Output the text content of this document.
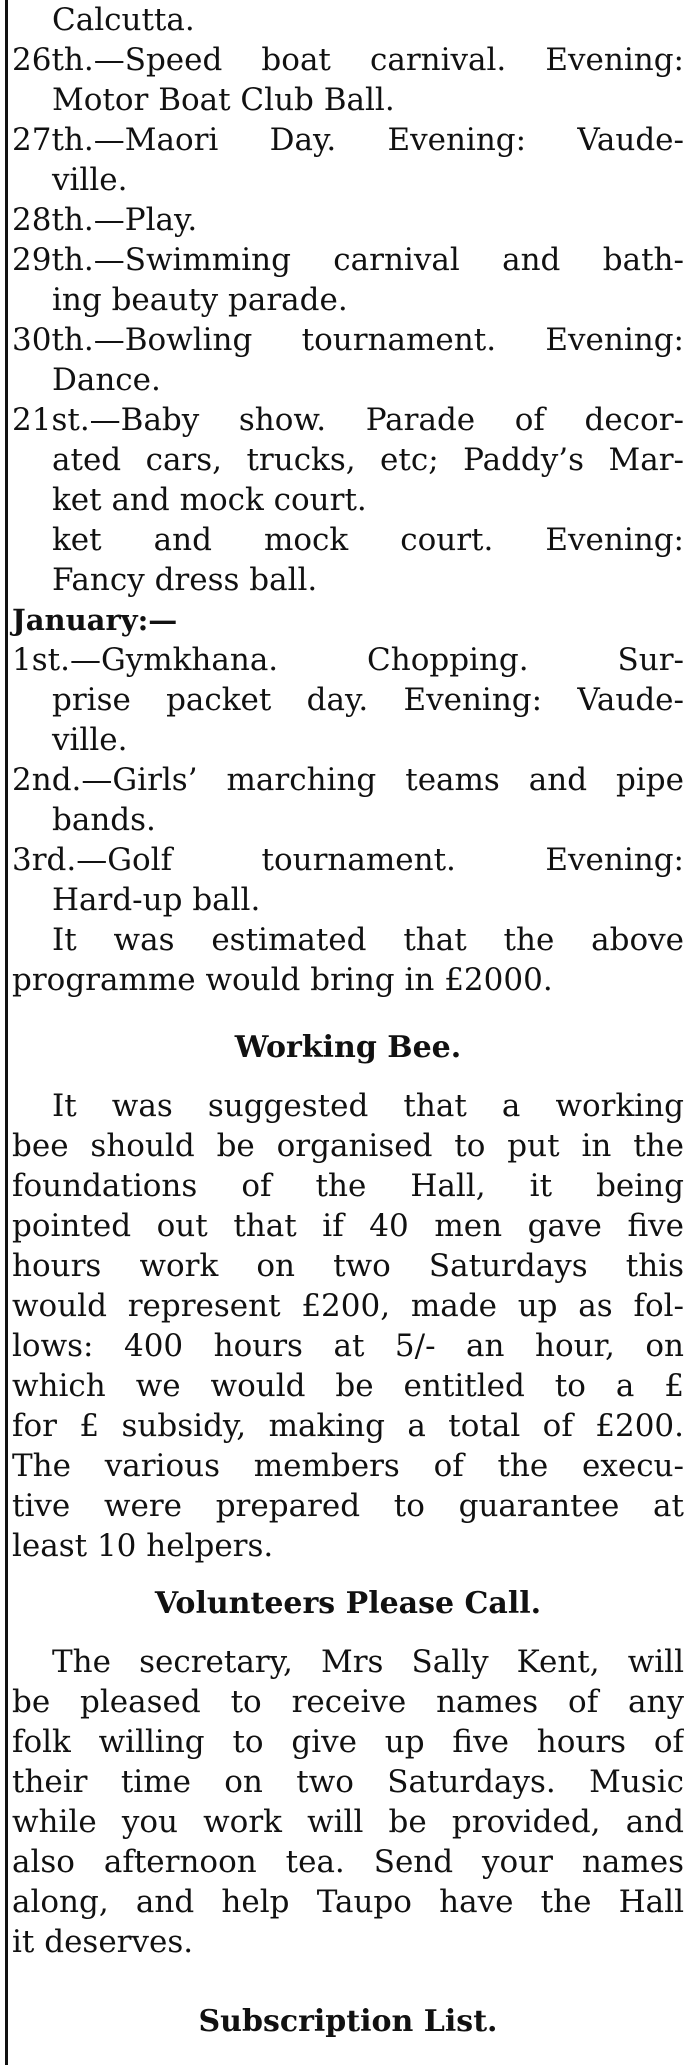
Calcutta.
26th.—Speed boat carnival. Evening:
Motor Boat Club Ball.
27th.—Maori Day. Evening: Vaude-
ville.
28th.—Play.
29th.—Swimming carnival and bath-
ing beauty parade.
30th.—Bowling tournament. Evening:
Dance.
21st.—Baby show. Parade of decor-
ated cars, trucks, etc; Paddy’s Mar-
ket and mock court.
ket and mock court. Evening:
Fancy dress ball.
January:—
1st.—Gymkhana. Chopping. Sur-
prise packet day. Evening: Vaude-
ville.
2nd.—Girls’ marching teams and pipe
bands.
3rd.—Golf tournament. Evening:
Hard-up ball.
It was estimated that the above
programme would bring in £2000.
Working Bee.
It was suggested that a working
bee should be organised to put in the
foundations of the Hall, it being
pointed out that if 40 men gave five
hours work on two Saturdays this
would represent £200, made up as fol-
lows: 400 hours at 5/- an hour, on
which we would be entitled to a £
for £ subsidy, making a total of £200.
The various members of the execu-
tive were prepared to guarantee at
least 10 helpers.
Volunteers Please Call.
The secretary, Mrs Sally Kent, will
be pleased to receive names of any
folk willing to give up five hours of
their time on two Saturdays. Music
while you work will be provided, and
also afternoon tea. Send your names
along, and help Taupo have the Hall
it deserves.
Subscription List.
